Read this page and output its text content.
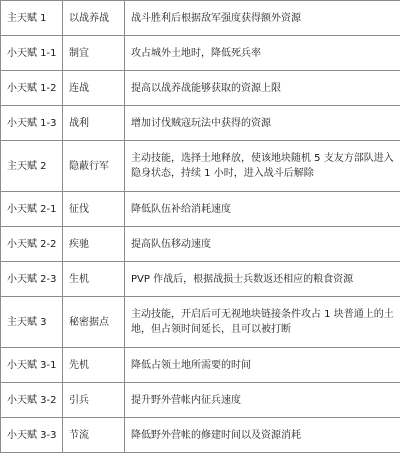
主天赋 1	以战养战	战斗胜利后根据敌军强度获得额外资源
小天赋 1-1	制宜	攻占城外土地时，降低死兵率
小天赋 1-2	连战	提高以战养战能够获取的资源上限
小天赋 1-3	战利	增加讨伐贼寇玩法中获得的资源
主天赋 2	隐蔽行军	主动技能，选择土地释放，使该地块随机 5 支友方部队进入隐身状态，持续 1 小时，进入战斗后解除
小天赋 2-1	征伐	降低队伍补给消耗速度
小天赋 2-2	疾驰	提高队伍移动速度
小天赋 2-3	生机	PVP 作战后，根据战损士兵数返还相应的粮食资源
主天赋 3	秘密据点	主动技能，开启后可无视地块链接条件攻占 1 块普通上的土地，但占领时间延长，且可以被打断
小天赋 3-1	先机	降低占领土地所需要的时间
小天赋 3-2	引兵	提升野外营帐内征兵速度
小天赋 3-3	节流	降低野外营帐的修建时间以及资源消耗
